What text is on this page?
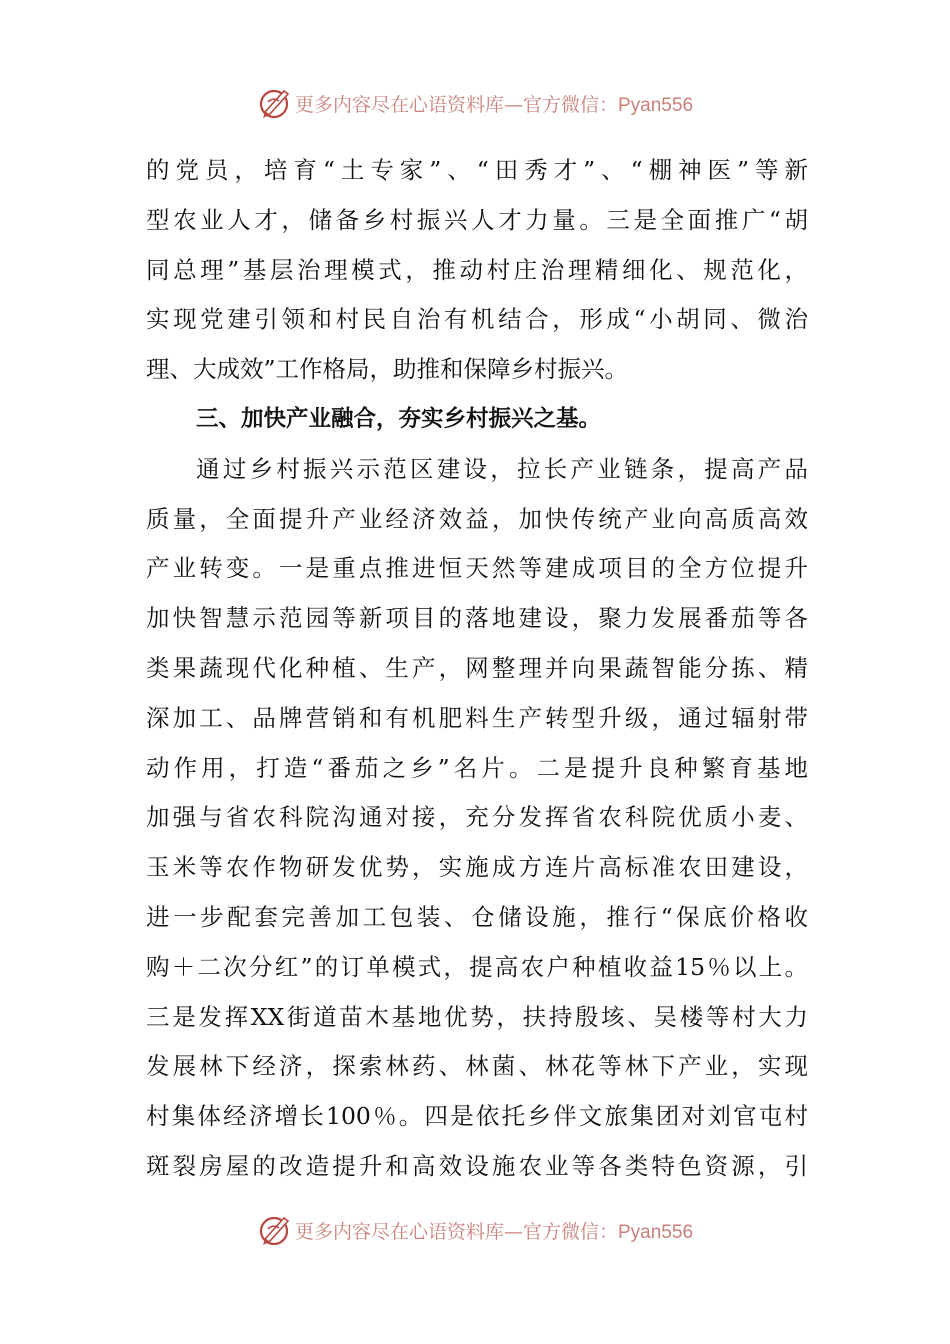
更多内容尽在心语资料库— 官方微信：Pyan556
的党员，培育“土专家”、“田秀才”、“棚神医”等新
型农业人才，储备乡村振兴人才力量。三是全面推广“胡
同总理”基层治理模式，推动村庄治理精细化、规范化，
实现党建引领和村民自治有机结合，形成“小胡同、微治
理、大成效”工作格局，助推和保障乡村振兴。
三、加快产业融合，夯实乡村振兴之基。
通过乡村振兴示范区建设，拉长产业链条，提高产品
质量，全面提升产业经济效益，加快传统产业向高质高效
产业转变。一是重点推进恒天然等建成项目的全方位提升
加快智慧示范园等新项目的落地建设，聚力发展番茄等各
类果蔬现代化种植、生产，网整理并向果蔬智能分拣、精
深加工、品牌营销和有机肥料生产转型升级，通过辐射带
动作用，打造“番茄之乡”名片。二是提升良种繁育基地
加强与省农科院沟通对接，充分发挥省农科院优质小麦、
玉米等农作物研发优势，实施成方连片高标准农田建设，
进一步配套完善加工包装、仓储设施，推行“保底价格收
购＋二次分红”的订单模式，提高农户种植收益15％以上。
三是发挥XX街道苗木基地优势，扶持殷垓、吴楼等村大力
发展林下经济，探索林药、林菌、林花等林下产业，实现
村集体经济增长100％。四是依托乡伴文旅集团对刘官屯村
斑裂房屋的改造提升和高效设施农业等各类特色资源，引
更多内容尽在心语资料库— 官方微信：Pyan556
